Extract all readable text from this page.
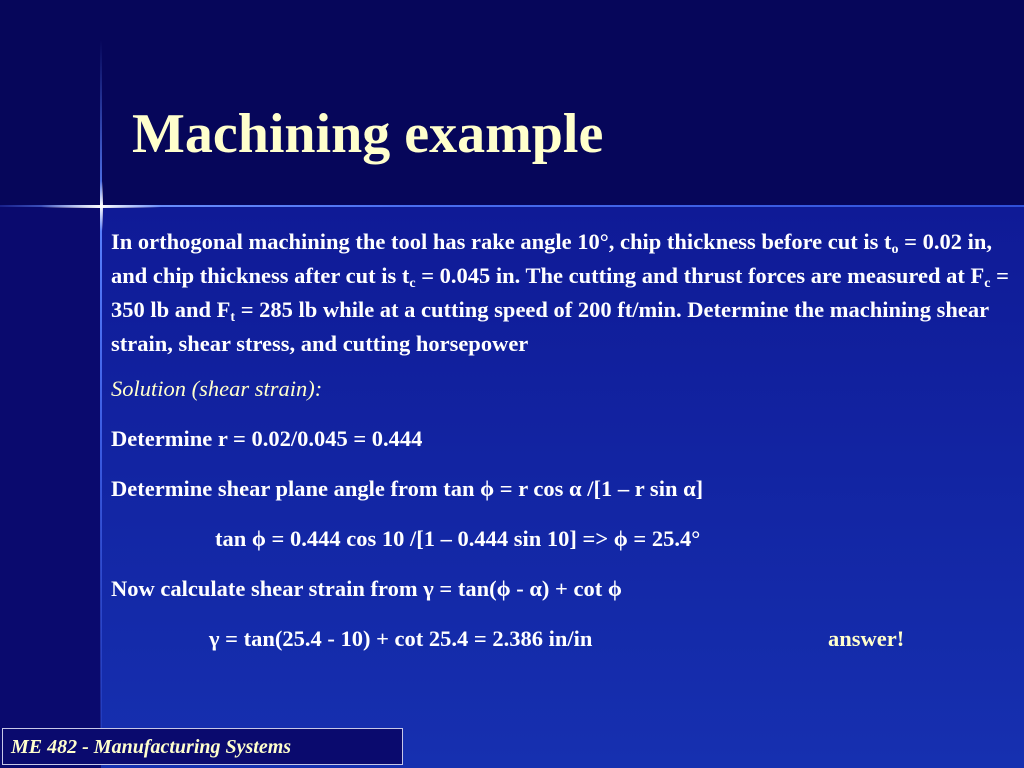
Machining example

In orthogonal machining the tool has rake angle 10°, chip thickness before cut is $t_o = 0.02$ in, and chip thickness after cut is $t_c = 0.045$ in. The cutting and thrust forces are measured at $F_c = 350$ lb and $F_t = 285$ lb while at a cutting speed of 200 ft/min. Determine the machining shear strain, shear stress, and cutting horsepower

Solution (shear strain):

Determine r = 0.02/0.045 = 0.444

Determine shear plane angle from tan ϕ = r cos α /[1 – r sin α]

tan ϕ = 0.444 cos 10 /[1 – 0.444 sin 10] => ϕ = 25.4°

Now calculate shear strain from γ = tan(ϕ - α) + cot ϕ

γ = tan(25.4 - 10) + cot 25.4 = 2.386 in/in	answer!

ME 482 - Manufacturing Systems
